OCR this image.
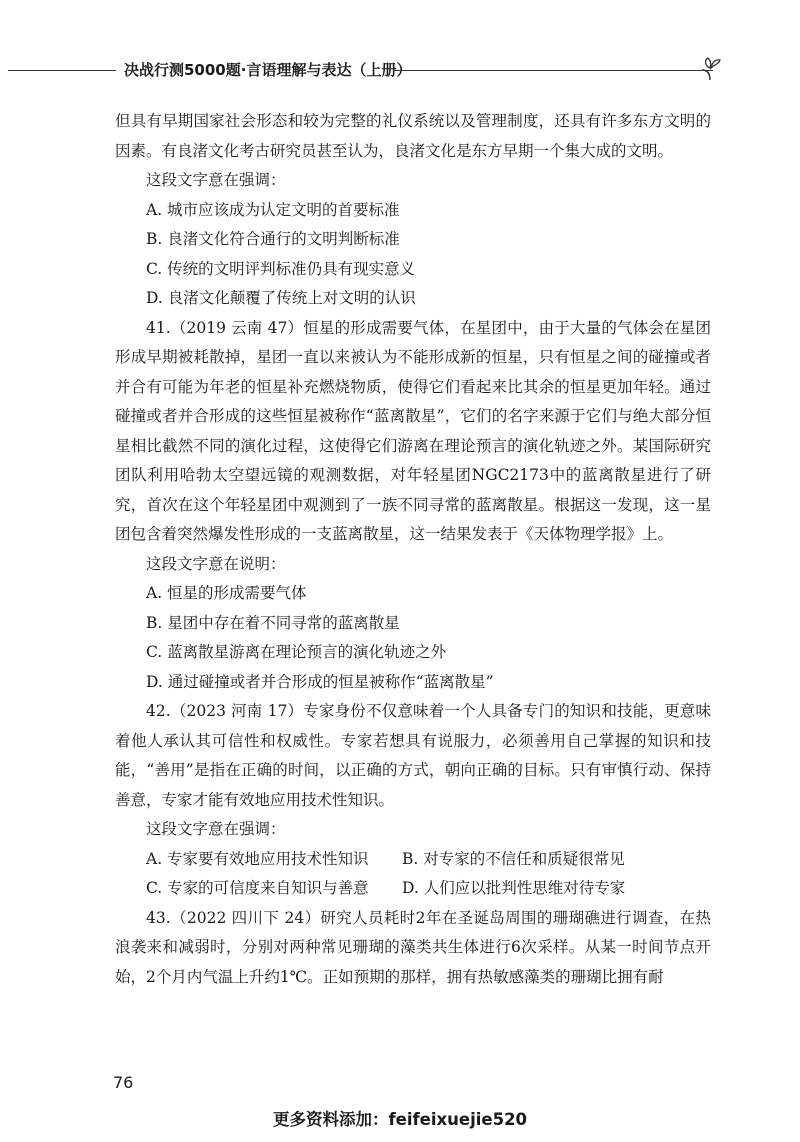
决战行测5000题·言语理解与表达（上册）

但具有早期国家社会形态和较为完整的礼仪系统以及管理制度，还具有许多东方文明的因素。有良渚文化考古研究员甚至认为，良渚文化是东方早期一个集大成的文明。

这段文字意在强调：

A. 城市应该成为认定文明的首要标准

B. 良渚文化符合通行的文明判断标准

C. 传统的文明评判标准仍具有现实意义

D. 良渚文化颠覆了传统上对文明的认识

41.（2019 云南 47）恒星的形成需要气体，在星团中，由于大量的气体会在星团形成早期被耗散掉，星团一直以来被认为不能形成新的恒星，只有恒星之间的碰撞或者并合有可能为年老的恒星补充燃烧物质，使得它们看起来比其余的恒星更加年轻。通过碰撞或者并合形成的这些恒星被称作“蓝离散星”，它们的名字来源于它们与绝大部分恒星相比截然不同的演化过程，这使得它们游离在理论预言的演化轨迹之外。某国际研究团队利用哈勃太空望远镜的观测数据，对年轻星团NGC2173中的蓝离散星进行了研究，首次在这个年轻星团中观测到了一族不同寻常的蓝离散星。根据这一发现，这一星团包含着突然爆发性形成的一支蓝离散星，这一结果发表于《天体物理学报》上。

这段文字意在说明：

A. 恒星的形成需要气体

B. 星团中存在着不同寻常的蓝离散星

C. 蓝离散星游离在理论预言的演化轨迹之外

D. 通过碰撞或者并合形成的恒星被称作“蓝离散星”

42.（2023 河南 17）专家身份不仅意味着一个人具备专门的知识和技能，更意味着他人承认其可信性和权威性。专家若想具有说服力，必须善用自己掌握的知识和技能，“善用”是指在正确的时间，以正确的方式，朝向正确的目标。只有审慎行动、保持善意，专家才能有效地应用技术性知识。

这段文字意在强调：

A. 专家要有效地应用技术性知识	B. 对专家的不信任和质疑很常见
C. 专家的可信度来自知识与善意	D. 人们应以批判性思维对待专家

43.（2022 四川下 24）研究人员耗时2年在圣诞岛周围的珊瑚礁进行调查，在热浪袭来和减弱时，分别对两种常见珊瑚的藻类共生体进行6次采样。从某一时间节点开始，2个月内气温上升约1℃。正如预期的那样，拥有热敏感藻类的珊瑚比拥有耐

76
更多资料添加：feifeixuejie520
